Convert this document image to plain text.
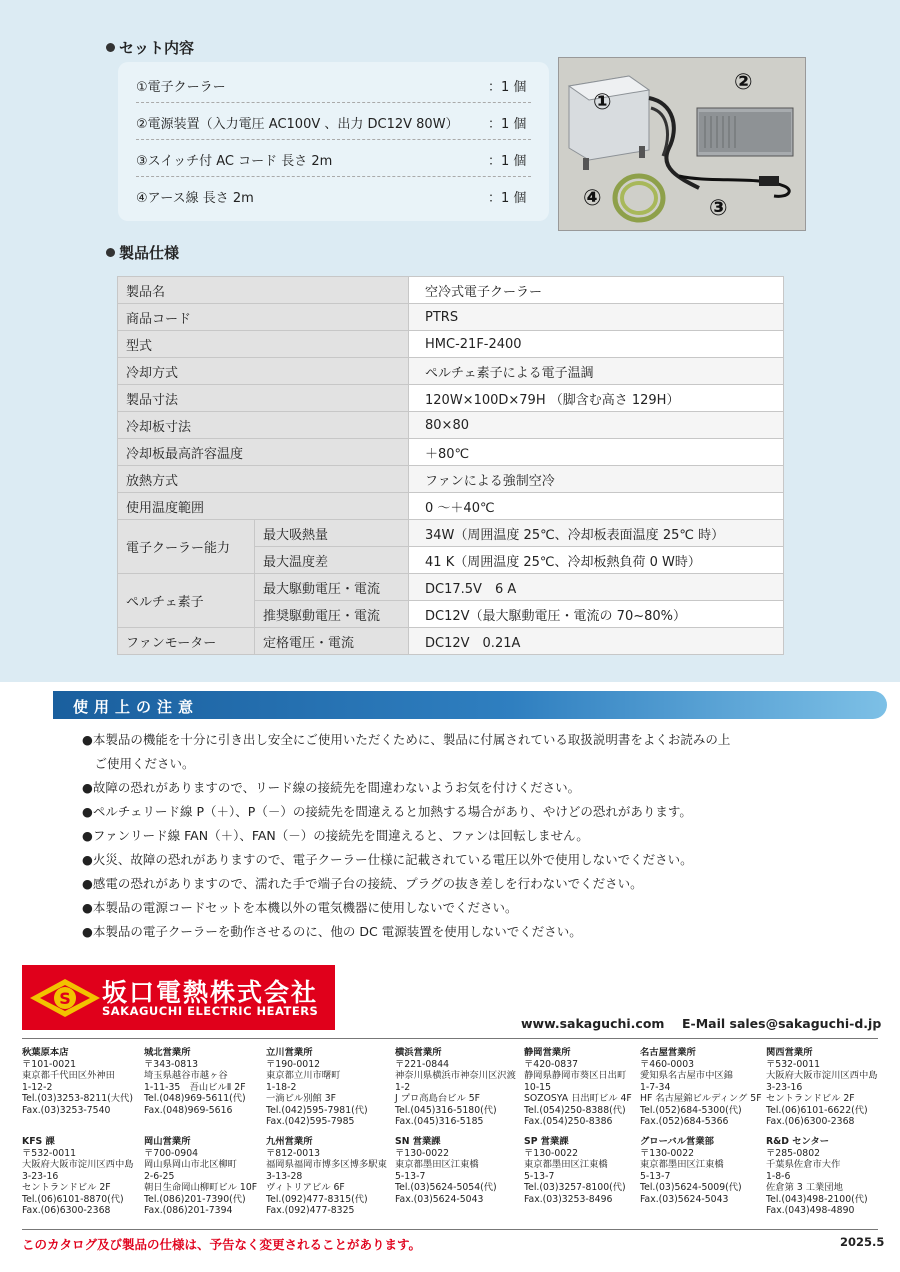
セット内容
①電子クーラー	：1 個
②電源装置（入力電圧 AC100V 、出力 DC12V 80W） ：1 個
③スイッチ付 AC コード 長さ 2m	：1 個
④アース線 長さ 2m	：1 個
①
②
③
④
製品仕様
製品名		空冷式電子クーラー
商品コード		PTRS
型式		HMC-21F-2400
冷却方式		ペルチェ素子による電子温調
製品寸法		120W×100D×79H （脚含む高さ 129H）
冷却板寸法		80×80
冷却板最高許容温度		＋80℃
放熱方式		ファンによる強制空冷
使用温度範囲		0 ～＋40℃
電子クーラー能力	最大吸熱量	34W（周囲温度 25℃、冷却板表面温度 25℃ 時）
	最大温度差	41 K（周囲温度 25℃、冷却板熱負荷 0 W時）
ペルチェ素子	最大駆動電圧・電流	DC17.5V　6 A
	推奨駆動電圧・電流	DC12V（最大駆動電圧・電流の 70~80%）
ファンモーター	定格電圧・電流	DC12V　0.21A
使用上の注意
●本製品の機能を十分に引き出し安全にご使用いただくために、製品に付属されている取扱説明書をよくお読みの上
　ご使用ください。
●故障の恐れがありますので、リード線の接続先を間違わないようお気を付けください。
●ペルチェリード線 P（＋）、P（－）の接続先を間違えると加熱する場合があり、やけどの恐れがあります。
●ファンリード線 FAN（＋）、FAN（－）の接続先を間違えると、ファンは回転しません。
●火災、故障の恐れがありますので、電子クーラー仕様に記載されている電圧以外で使用しないでください。
●感電の恐れがありますので、濡れた手で端子台の接続、プラグの抜き差しを行わないでください。
●本製品の電源コードセットを本機以外の電気機器に使用しないでください。
●本製品の電子クーラーを動作させるのに、他の DC 電源装置を使用しないでください。
S 坂口電熱株式会社
SAKAGUCHI ELECTRIC HEATERS
www.sakaguchi.com E-Mail sales@sakaguchi-d.jp
秋葉原本店
〒101-0021
東京都千代田区外神田
1-12-2
Tel.(03)3253-8211(大代)
Fax.(03)3253-7540
城北営業所
〒343-0813
埼玉県越谷市越ヶ谷
1-11-35　吾山ビルⅡ 2F
Tel.(048)969-5611(代)
Fax.(048)969-5616
立川営業所
〒190-0012
東京都立川市曙町
1-18-2
一滴ビル別館 3F
Tel.(042)595-7981(代)
Fax.(042)595-7985
横浜営業所
〒221-0844
神奈川県横浜市神奈川区沢渡
1-2
J プロ高島台ビル 5F
Tel.(045)316-5180(代)
Fax.(045)316-5185
静岡営業所
〒420-0837
静岡県静岡市葵区日出町
10-15
SOZOSYA 日出町ビル 4F
Tel.(054)250-8388(代)
Fax.(054)250-8386
名古屋営業所
〒460-0003
愛知県名古屋市中区錦
1-7-34
HF 名古屋錦ビルディング 5F
Tel.(052)684-5300(代)
Fax.(052)684-5366
関西営業所
〒532-0011
大阪府大阪市淀川区西中島
3-23-16
セントランドビル 2F
Tel.(06)6101-6622(代)
Fax.(06)6300-2368
KFS 課
〒532-0011
大阪府大阪市淀川区西中島
3-23-16
セントランドビル 2F
Tel.(06)6101-8870(代)
Fax.(06)6300-2368
岡山営業所
〒700-0904
岡山県岡山市北区柳町
2-6-25
朝日生命岡山柳町ビル 10F
Tel.(086)201-7390(代)
Fax.(086)201-7394
九州営業所
〒812-0013
福岡県福岡市博多区博多駅東
3-13-28
ヴィトリアビル 6F
Tel.(092)477-8315(代)
Fax.(092)477-8325
SN 営業課
〒130-0022
東京都墨田区江東橋
5-13-7
Tel.(03)5624-5054(代)
Fax.(03)5624-5043
SP 営業課
〒130-0022
東京都墨田区江東橋
5-13-7
Tel.(03)3257-8100(代)
Fax.(03)3253-8496
グローバル営業部
〒130-0022
東京都墨田区江東橋
5-13-7
Tel.(03)5624-5009(代)
Fax.(03)5624-5043
R&D センター
〒285-0802
千葉県佐倉市大作
1-8-6
佐倉第 3 工業団地
Tel.(043)498-2100(代)
Fax.(043)498-4890
このカタログ及び製品の仕様は、予告なく変更されることがあります。	2025.5
